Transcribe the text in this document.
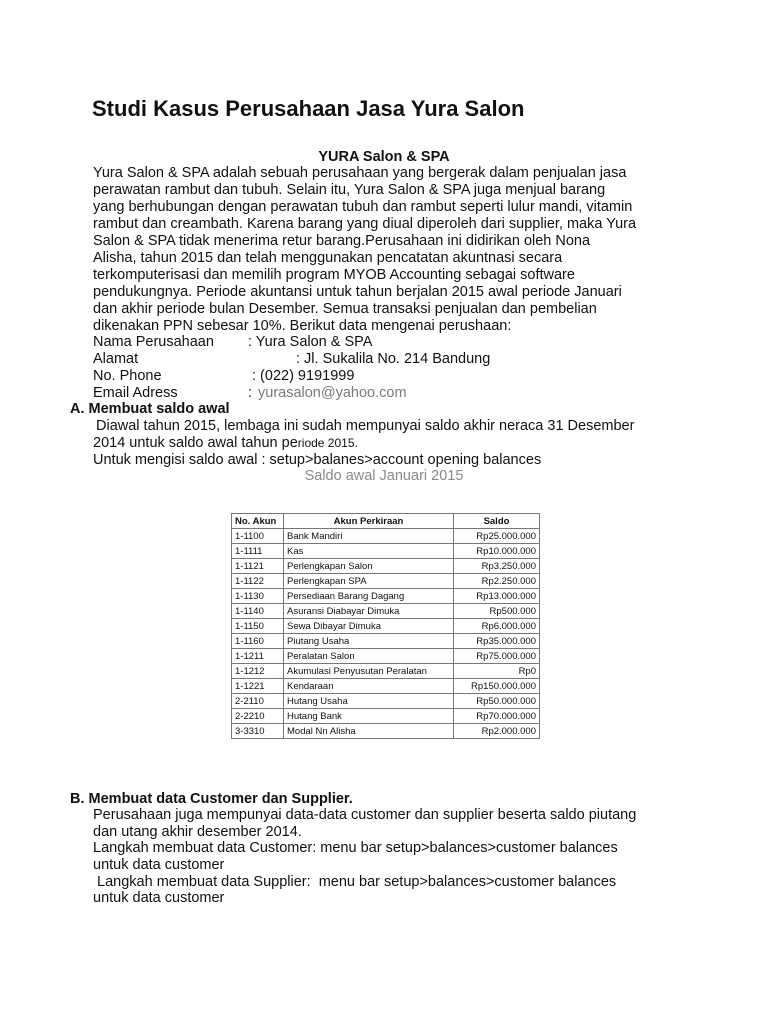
Studi Kasus Perusahaan Jasa Yura Salon
YURA Salon & SPA
Yura Salon & SPA adalah sebuah perusahaan yang bergerak dalam penjualan jasa
perawatan rambut dan tubuh. Selain itu, Yura Salon & SPA juga menjual barang
yang berhubungan dengan perawatan tubuh dan rambut seperti lulur mandi, vitamin
rambut dan creambath. Karena barang yang diual diperoleh dari supplier, maka Yura
Salon & SPA tidak menerima retur barang.Perusahaan ini didirikan oleh Nona
Alisha, tahun 2015 dan telah menggunakan pencatatan akuntnasi secara
terkomputerisasi dan memilih program MYOB Accounting sebagai software
pendukungnya. Periode akuntansi untuk tahun berjalan 2015 awal periode Januari
dan akhir periode bulan Desember. Semua transaksi penjualan dan pembelian
dikenakan PPN sebesar 10%. Berikut data mengenai perushaan:
Nama Perusahaan : Yura Salon & SPA
Alamat	: Jl. Sukalila No. 214 Bandung
No. Phone	: (022) 9191999
Email Adress	: yurasalon@yahoo.com
A. Membuat saldo awal
Diawal tahun 2015, lembaga ini sudah mempunyai saldo akhir neraca 31 Desember
2014 untuk saldo awal tahun periode 2015.
Untuk mengisi saldo awal : setup>balanes>account opening balances
Saldo awal Januari 2015
No. Akun	Akun Perkiraan	Saldo
1-1100	Bank Mandiri	Rp25.000.000
1-1111	Kas	Rp10.000.000
1-1121	Perlengkapan Salon	Rp3.250.000
1-1122	Perlengkapan SPA	Rp2.250.000
1-1130	Persediaan Barang Dagang	Rp13.000.000
1-1140	Asuransi Diabayar Dimuka	Rp500.000
1-1150	Sewa Dibayar Dimuka	Rp6.000.000
1-1160	Piutang Usaha	Rp35.000.000
1-1211	Peralatan Salon	Rp75.000.000
1-1212	Akumulasi Penyusutan Peralatan	Rp0
1-1221	Kendaraan	Rp150.000.000
2-2110	Hutang Usaha	Rp50.000.000
2-2210	Hutang Bank	Rp70.000.000
3-3310	Modal Nn Alisha	Rp2.000.000
B. Membuat data Customer dan Supplier.
Perusahaan juga mempunyai data-data customer dan supplier beserta saldo piutang
dan utang akhir desember 2014.
Langkah membuat data Customer: menu bar setup>balances>customer balances
untuk data customer
Langkah membuat data Supplier:  menu bar setup>balances>customer balances
untuk data customer
